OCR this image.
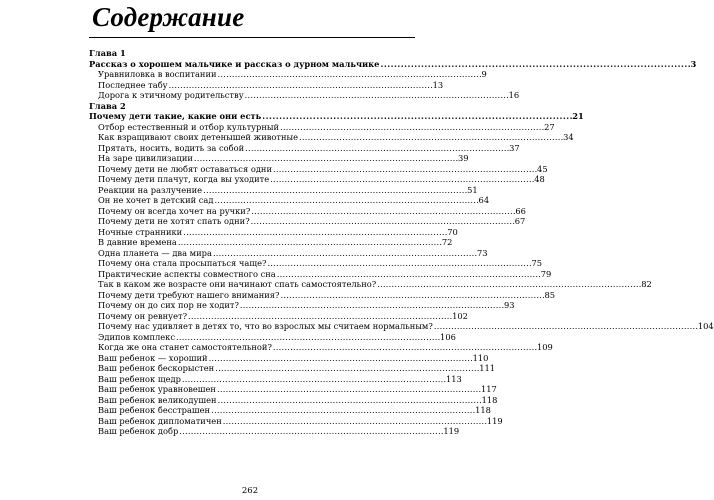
Содержание
Глава 1
Рассказ о хорошем мальчике и рассказ о дурном мальчике . . .	3
Уравниловка в воспитании . . .	9
Последнее табу . . .	13
Дорога к этичному родительству . . .	16
Глава 2
Почему дети такие, какие они есть . . .	21
Отбор естественный и отбор культурный . . .	27
Как взращивают своих детенышей животные . . .	34
Прятать, носить, водить за собой . . .	37
На заре цивилизации . . .	39
Почему дети не любят оставаться одни . . .	45
Почему дети плачут, когда вы уходите . . .	48
Реакции на разлучение . . .	51
Он не хочет в детский сад . . .	64
Почему он всегда хочет на ручки? . . .	66
Почему дети не хотят спать одни? . . .	67
Ночные странники . . .	70
В давние времена . . .	72
Одна планета — два мира . . .	73
Почему она стала просыпаться чаще? . . .	75
Практические аспекты совместного сна . . .	79
Так в каком же возрасте они начинают спать самостоятельно? . . .	82
Почему дети требуют нашего внимания? . . .	85
Почему он до сих пор не ходит? . . .	93
Почему он ревнует? . . .	102
Почему нас удивляет в детях то, что во взрослых мы считаем нормальным? . . .	104
Эдипов комплекс . . .	106
Когда же она станет самостоятельной? . . .	109
Ваш ребенок — хороший . . .	110
Ваш ребенок бескорыстен . . .	111
Ваш ребенок щедр . . .	113
Ваш ребенок уравновешен . . .	117
Ваш ребенок великодушен . . .	118
Ваш ребенок бесстрашен . . .	118
Ваш ребенок дипломатичен . . .	119
Ваш ребенок добр . . .	119
262
